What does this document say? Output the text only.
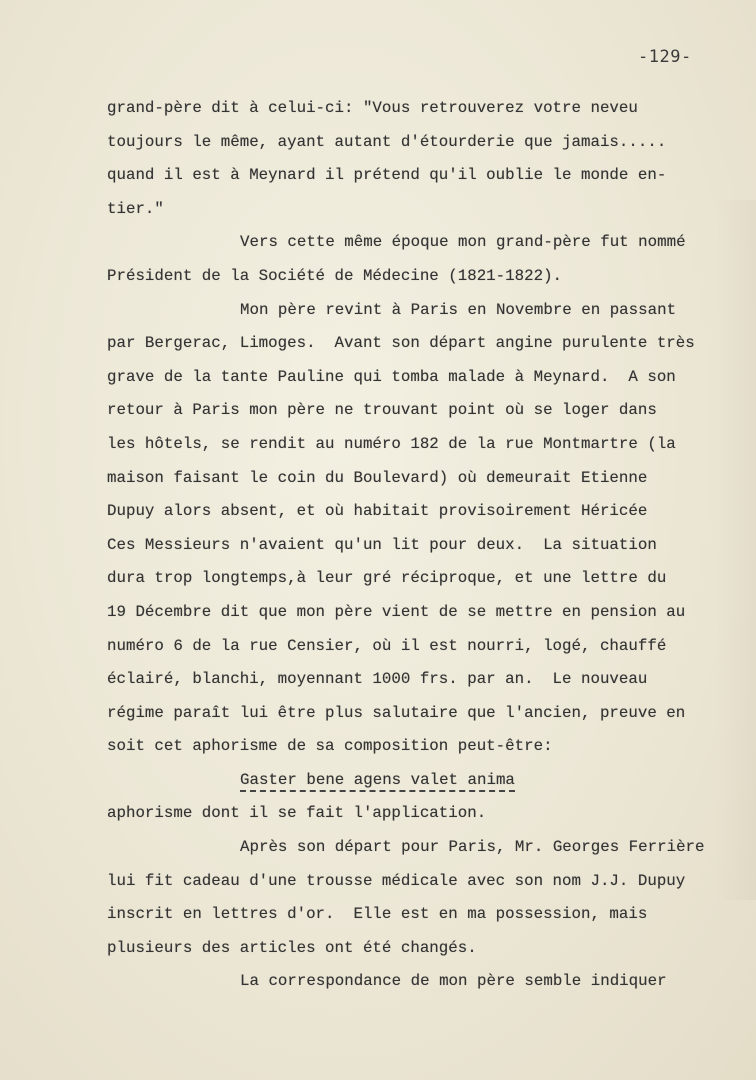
-129-
grand-père dit à celui-ci: "Vous retrouverez votre neveu
toujours le même, ayant autant d'étourderie que jamais.....
quand il est à Meynard il prétend qu'il oublie le monde en-
tier."
Vers cette même époque mon grand-père fut nommé
Président de la Société de Médecine (1821-1822).
Mon père revint à Paris en Novembre en passant
par Bergerac, Limoges.  Avant son départ angine purulente très
grave de la tante Pauline qui tomba malade à Meynard.  A son
retour à Paris mon père ne trouvant point où se loger dans
les hôtels, se rendit au numéro 182 de la rue Montmartre (la
maison faisant le coin du Boulevard) où demeurait Etienne
Dupuy alors absent, et où habitait provisoirement Héricée
Ces Messieurs n'avaient qu'un lit pour deux.  La situation
dura trop longtemps,à leur gré réciproque, et une lettre du
19 Décembre dit que mon père vient de se mettre en pension au
numéro 6 de la rue Censier, où il est nourri, logé, chauffé
éclairé, blanchi, moyennant 1000 frs. par an.  Le nouveau
régime paraît lui être plus salutaire que l'ancien, preuve en
soit cet aphorisme de sa composition peut-être:
Gaster bene agens valet anima
aphorisme dont il se fait l'application.
Après son départ pour Paris, Mr. Georges Ferrière
lui fit cadeau d'une trousse médicale avec son nom J.J. Dupuy
inscrit en lettres d'or.  Elle est en ma possession, mais
plusieurs des articles ont été changés.
La correspondance de mon père semble indiquer
